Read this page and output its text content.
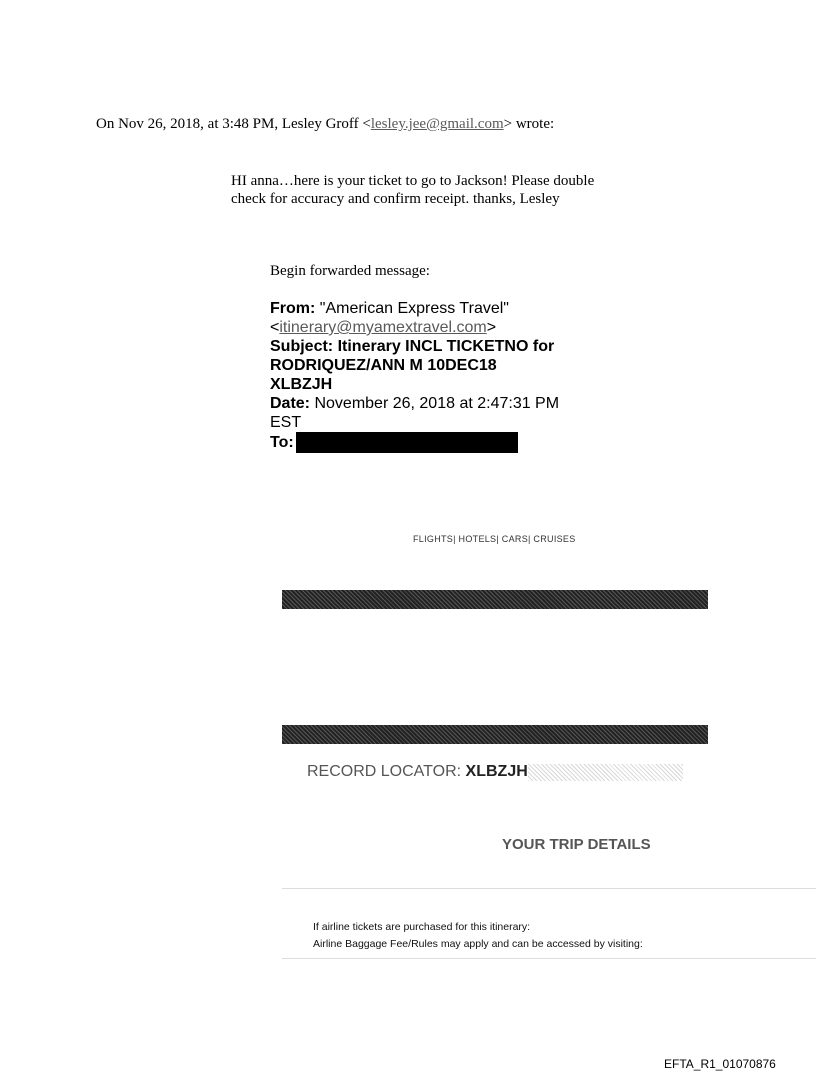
On Nov 26, 2018, at 3:48 PM, Lesley Groff <lesley.jee@gmail.com> wrote:
HI anna…here is your ticket to go to Jackson! Please double check for accuracy and confirm receipt. thanks, Lesley
Begin forwarded message:
From: "American Express Travel"
<itinerary@myamextravel.com>
Subject: Itinerary INCL TICKETNO for RODRIQUEZ/ANN M 10DEC18 XLBZJH
Date: November 26, 2018 at 2:47:31 PM EST
To:
FLIGHTS| HOTELS| CARS| CRUISES
RECORD LOCATOR: XLBZJH
YOUR TRIP DETAILS
If airline tickets are purchased for this itinerary:
Airline Baggage Fee/Rules may apply and can be accessed by visiting:
EFTA_R1_01070876
